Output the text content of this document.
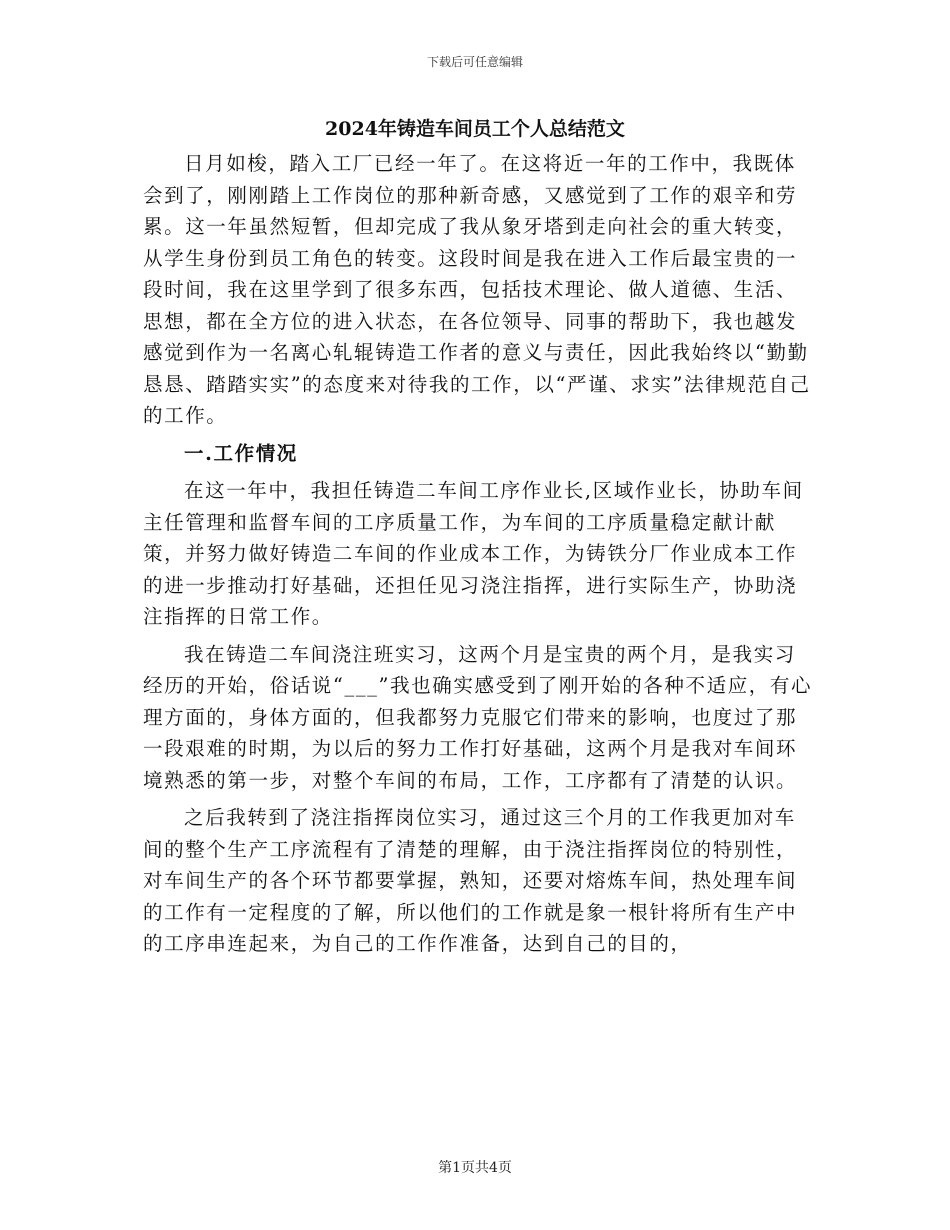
下载后可任意编辑
2024年铸造车间员工个人总结范文

日月如梭，踏入工厂已经一年了。在这将近一年的工作中，我既体会到了，刚刚踏上工作岗位的那种新奇感，又感觉到了工作的艰辛和劳累。这一年虽然短暂，但却完成了我从象牙塔到走向社会的重大转变，从学生身份到员工角色的转变。这段时间是我在进入工作后最宝贵的一段时间，我在这里学到了很多东西，包括技术理论、做人道德、生活、思想，都在全方位的进入状态，在各位领导、同事的帮助下，我也越发感觉到作为一名离心轧辊铸造工作者的意义与责任，因此我始终以“勤勤恳恳、踏踏实实”的态度来对待我的工作，以“严谨、求实”法律规范自己的工作。

一.工作情况

在这一年中，我担任铸造二车间工序作业长,区域作业长，协助车间主任管理和监督车间的工序质量工作，为车间的工序质量稳定献计献策，并努力做好铸造二车间的作业成本工作，为铸铁分厂作业成本工作的进一步推动打好基础，还担任见习浇注指挥，进行实际生产，协助浇注指挥的日常工作。

我在铸造二车间浇注班实习，这两个月是宝贵的两个月，是我实习经历的开始，俗话说“___”我也确实感受到了刚开始的各种不适应，有心理方面的，身体方面的，但我都努力克服它们带来的影响，也度过了那一段艰难的时期，为以后的努力工作打好基础，这两个月是我对车间环境熟悉的第一步，对整个车间的布局，工作，工序都有了清楚的认识。

之后我转到了浇注指挥岗位实习，通过这三个月的工作我更加对车间的整个生产工序流程有了清楚的理解，由于浇注指挥岗位的特别性，对车间生产的各个环节都要掌握，熟知，还要对熔炼车间，热处理车间的工作有一定程度的了解，所以他们的工作就是象一根针将所有生产中的工序串连起来，为自己的工作作准备，达到自己的目的，

第1页共4页
